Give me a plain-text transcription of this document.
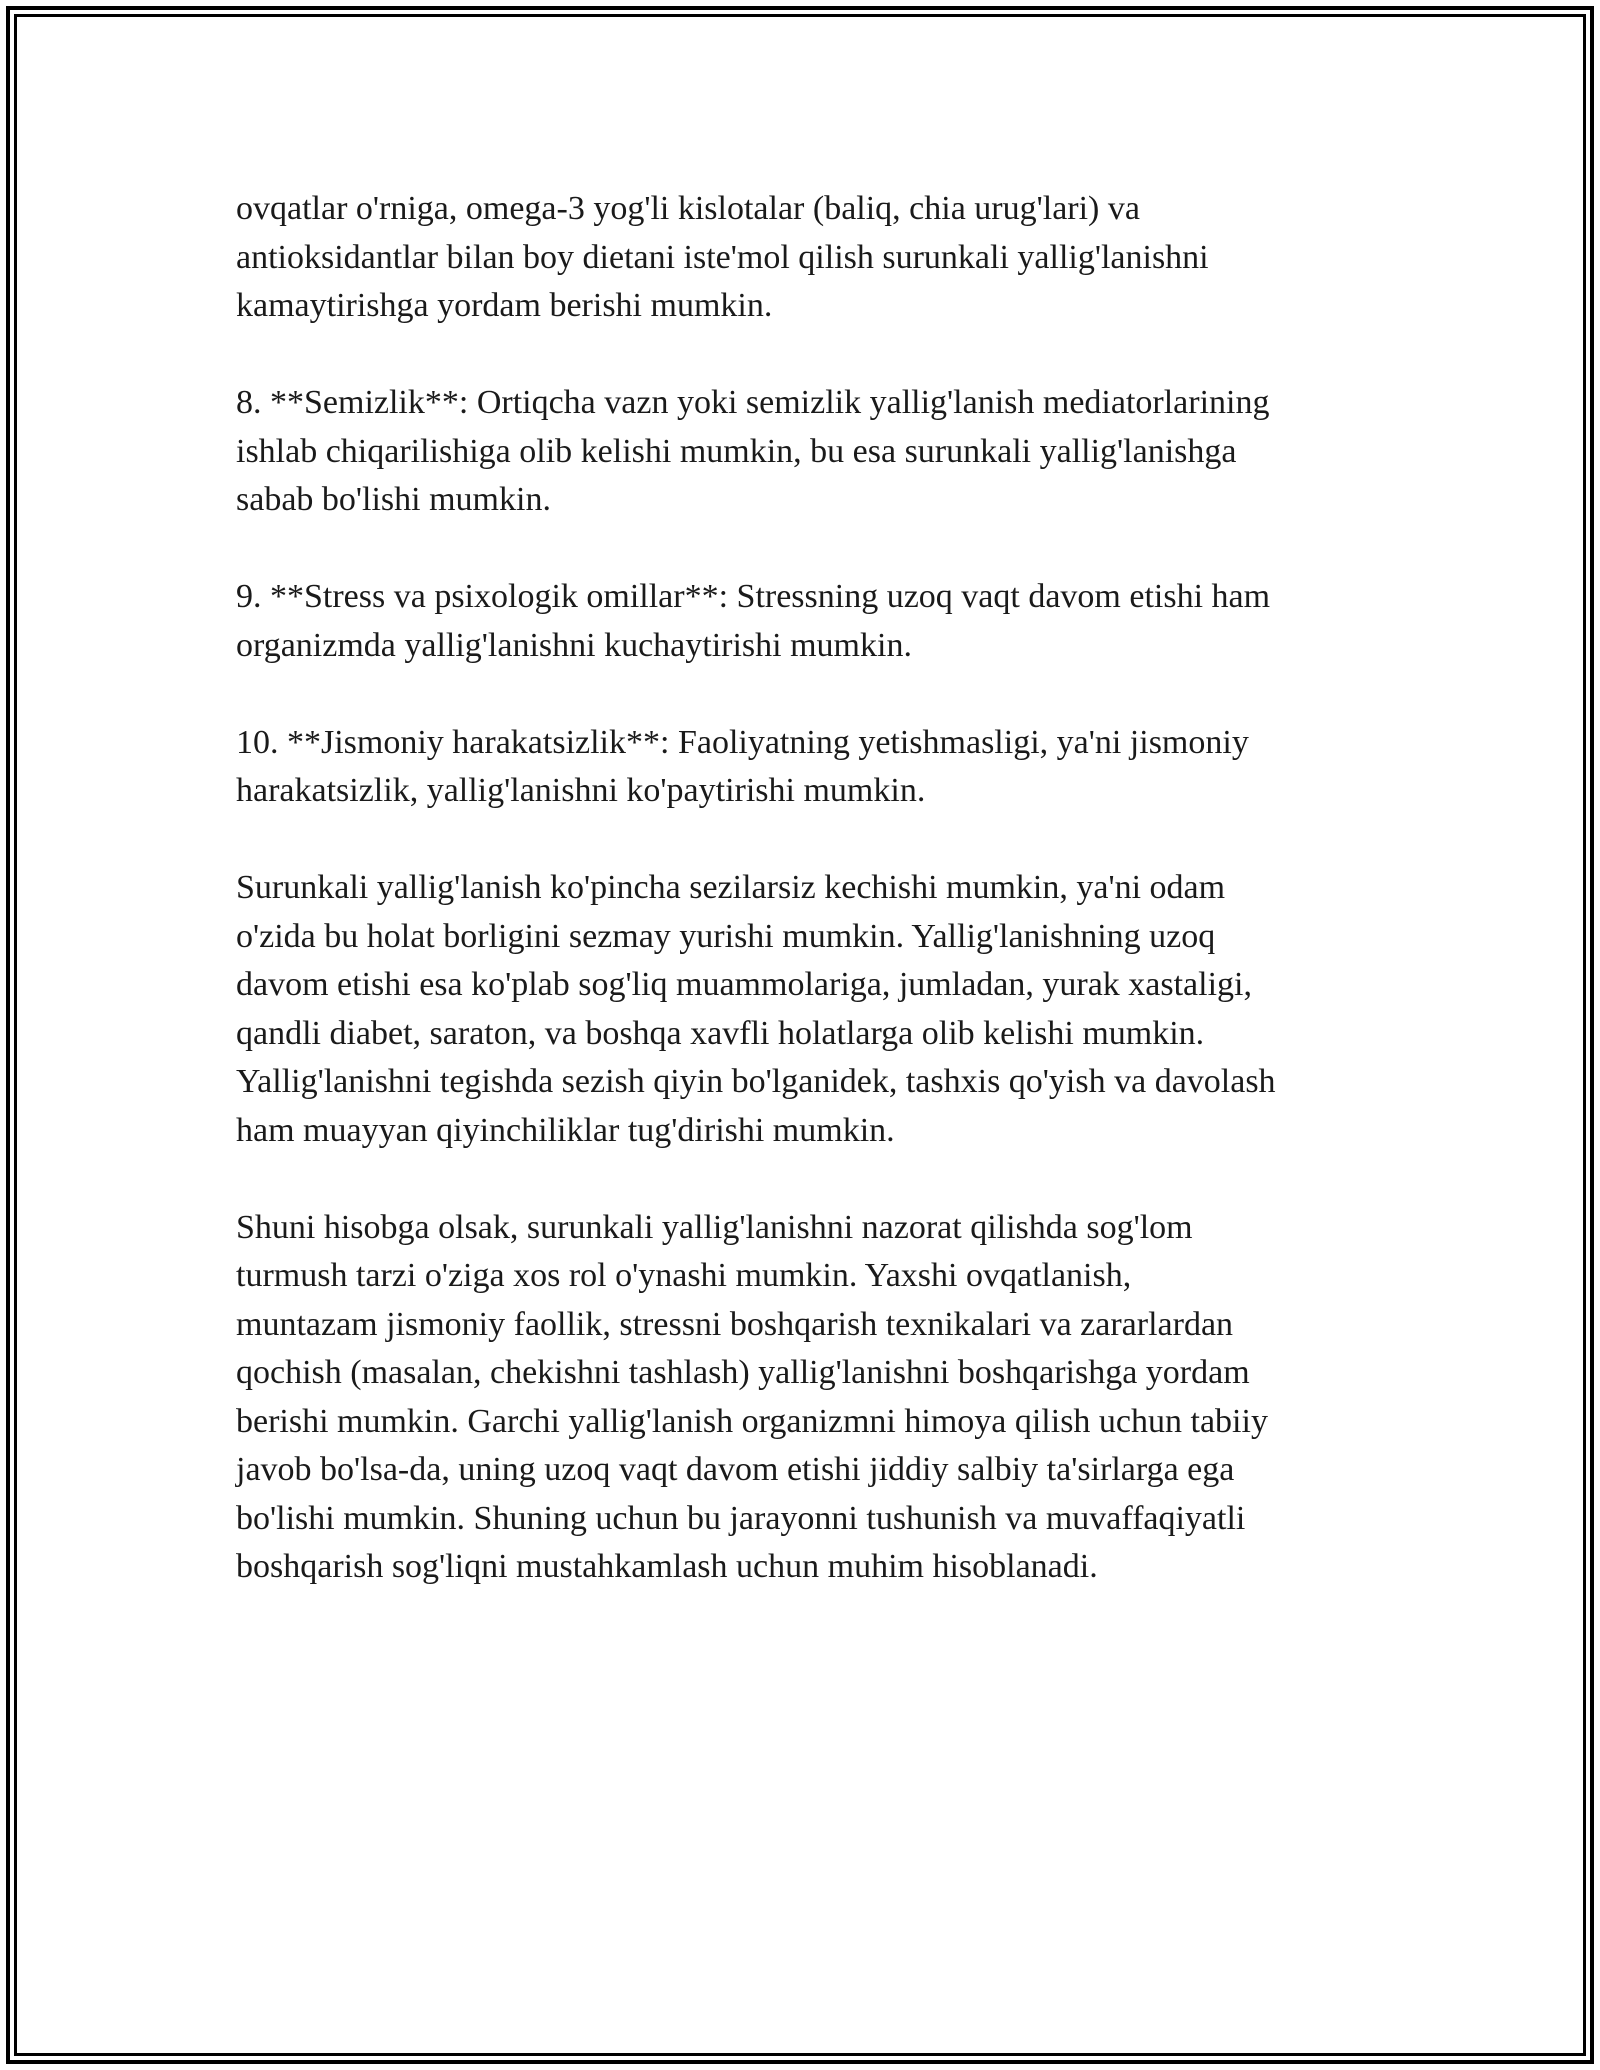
ovqatlar o'rniga, omega-3 yog'li kislotalar (baliq, chia urug'lari) va
antioksidantlar bilan boy dietani iste'mol qilish surunkali yallig'lanishni
kamaytirishga yordam berishi mumkin.

8. **Semizlik**: Ortiqcha vazn yoki semizlik yallig'lanish mediatorlarining
ishlab chiqarilishiga olib kelishi mumkin, bu esa surunkali yallig'lanishga
sabab bo'lishi mumkin.

9. **Stress va psixologik omillar**: Stressning uzoq vaqt davom etishi ham
organizmda yallig'lanishni kuchaytirishi mumkin.

10. **Jismoniy harakatsizlik**: Faoliyatning yetishmasligi, ya'ni jismoniy
harakatsizlik, yallig'lanishni ko'paytirishi mumkin.

Surunkali yallig'lanish ko'pincha sezilarsiz kechishi mumkin, ya'ni odam
o'zida bu holat borligini sezmay yurishi mumkin. Yallig'lanishning uzoq
davom etishi esa ko'plab sog'liq muammolariga, jumladan, yurak xastaligi,
qandli diabet, saraton, va boshqa xavfli holatlarga olib kelishi mumkin.
Yallig'lanishni tegishda sezish qiyin bo'lganidek, tashxis qo'yish va davolash
ham muayyan qiyinchiliklar tug'dirishi mumkin.

Shuni hisobga olsak, surunkali yallig'lanishni nazorat qilishda sog'lom
turmush tarzi o'ziga xos rol o'ynashi mumkin. Yaxshi ovqatlanish,
muntazam jismoniy faollik, stressni boshqarish texnikalari va zararlardan
qochish (masalan, chekishni tashlash) yallig'lanishni boshqarishga yordam
berishi mumkin. Garchi yallig'lanish organizmni himoya qilish uchun tabiiy
javob bo'lsa-da, uning uzoq vaqt davom etishi jiddiy salbiy ta'sirlarga ega
bo'lishi mumkin. Shuning uchun bu jarayonni tushunish va muvaffaqiyatli
boshqarish sog'liqni mustahkamlash uchun muhim hisoblanadi.
